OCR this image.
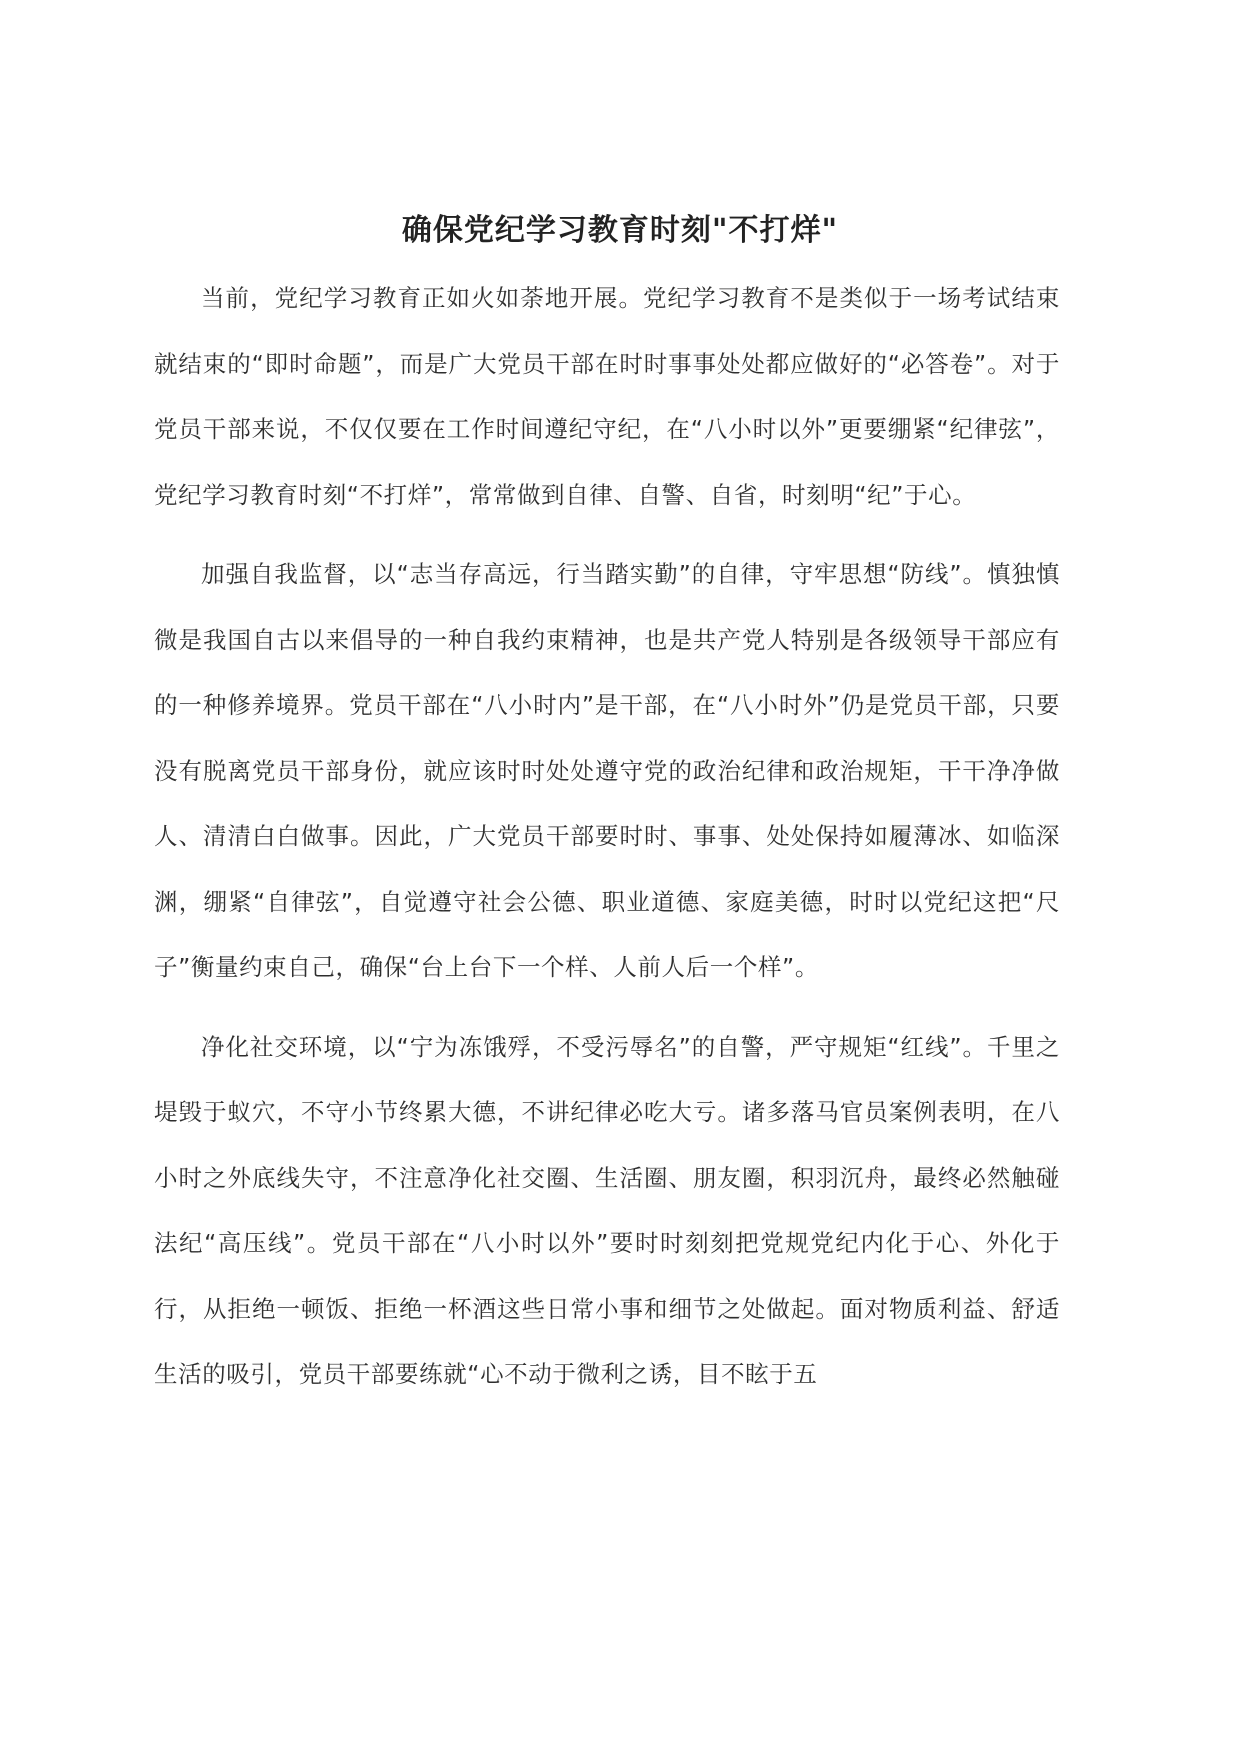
确保党纪学习教育时刻"不打烊"

当前，党纪学习教育正如火如荼地开展。党纪学习教育不是类似于一场考试结束就结束的“即时命题”，而是广大党员干部在时时事事处处都应做好的“必答卷”。对于党员干部来说，不仅仅要在工作时间遵纪守纪，在“八小时以外”更要绷紧“纪律弦”，党纪学习教育时刻“不打烊”，常常做到自律、自警、自省，时刻明“纪”于心。

加强自我监督，以“志当存高远，行当踏实勤”的自律，守牢思想“防线”。慎独慎微是我国自古以来倡导的一种自我约束精神，也是共产党人特别是各级领导干部应有的一种修养境界。党员干部在“八小时内”是干部，在“八小时外”仍是党员干部，只要没有脱离党员干部身份，就应该时时处处遵守党的政治纪律和政治规矩，干干净净做人、清清白白做事。因此，广大党员干部要时时、事事、处处保持如履薄冰、如临深渊，绷紧“自律弦”，自觉遵守社会公德、职业道德、家庭美德，时时以党纪这把“尺子”衡量约束自己，确保“台上台下一个样、人前人后一个样”。

净化社交环境，以“宁为冻饿殍，不受污辱名”的自警，严守规矩“红线”。千里之堤毁于蚁穴，不守小节终累大德，不讲纪律必吃大亏。诸多落马官员案例表明，在八小时之外底线失守，不注意净化社交圈、生活圈、朋友圈，积羽沉舟，最终必然触碰法纪“高压线”。党员干部在“八小时以外”要时时刻刻把党规党纪内化于心、外化于行，从拒绝一顿饭、拒绝一杯酒这些日常小事和细节之处做起。面对物质利益、舒适生活的吸引，党员干部要练就“心不动于微利之诱，目不眩于五
